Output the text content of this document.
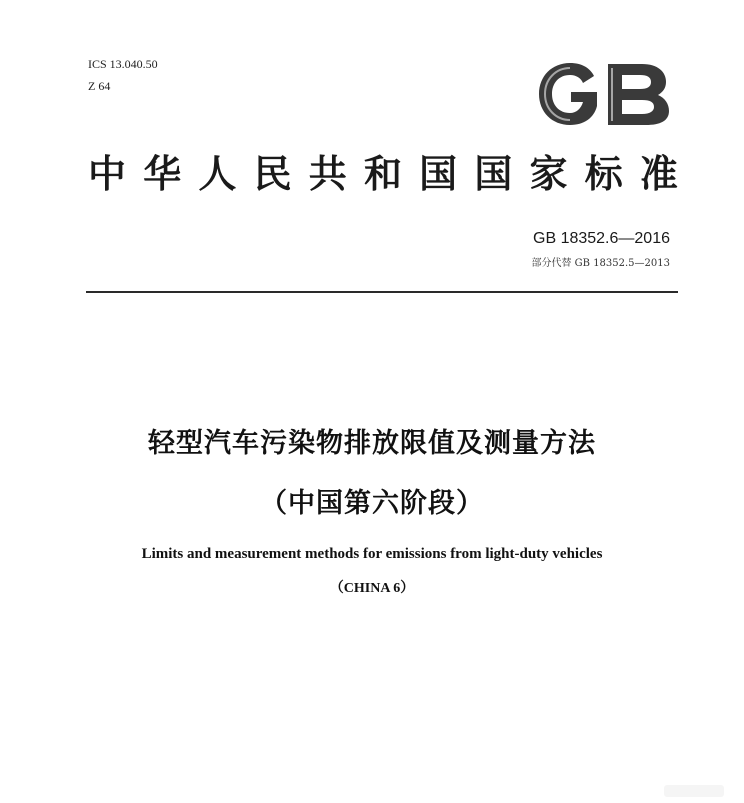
ICS 13.040.50
Z 64
中 华 人 民 共 和 国 国 家 标 准
GB 18352.6—2016
部分代替 GB 18352.5—2013
轻型汽车污染物排放限值及测量方法
（中国第六阶段）
Limits and measurement methods for emissions from light-duty vehicles
（CHINA 6）
